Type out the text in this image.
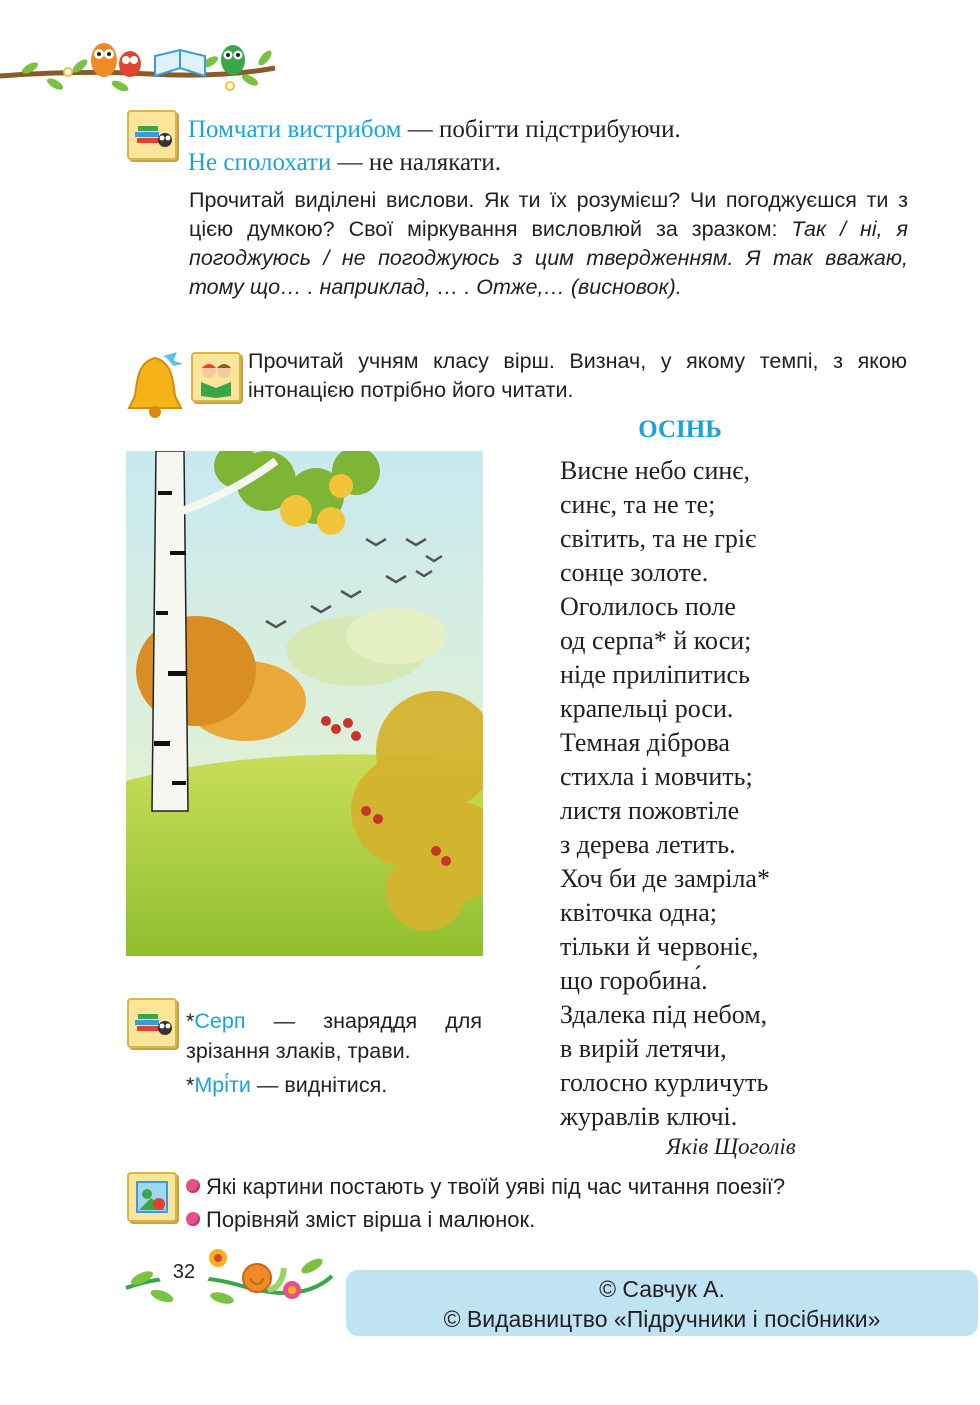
Помчати вистрибом — побігти підстрибуючи.
Не сполохати — не налякати.
Прочитай виділені вислови. Як ти їх розумієш? Чи погоджуєшся ти з цією думкою? Свої міркування висловлюй за зразком: Так / ні, я погоджуюсь / не погоджуюсь з цим твердженням. Я так вважаю, тому що… . наприклад, … . Отже,… (висновок).
Прочитай учням класу вірш. Визнач, у якому темпі, з якою інтонацією потрібно його читати.
ОСІНЬ
Висне небо синє,
синє, та не те;
світить, та не гріє
сонце золоте.
Оголилось поле
од серпа* й коси;
ніде приліпитись
крапельці роси.
Темная діброва
стихла і мовчить;
листя пожовтіле
з дерева летить.
Хоч би де замріла*
квіточка одна;
тільки й червоніє,
що горобина́.
Здалека під небом,
в вирій летячи,
голосно курличуть
журавлів ключі.
Яків Щоголів
*Серп — знаряддя для зрізання злаків, трави.
*Мрі́ти — виднітися.
Які картини постають у твоїй уяві під час читання поезії?
Порівняй зміст вірша і малюнок.
32
© Савчук А.
© Видавництво «Підручники і посібники»
